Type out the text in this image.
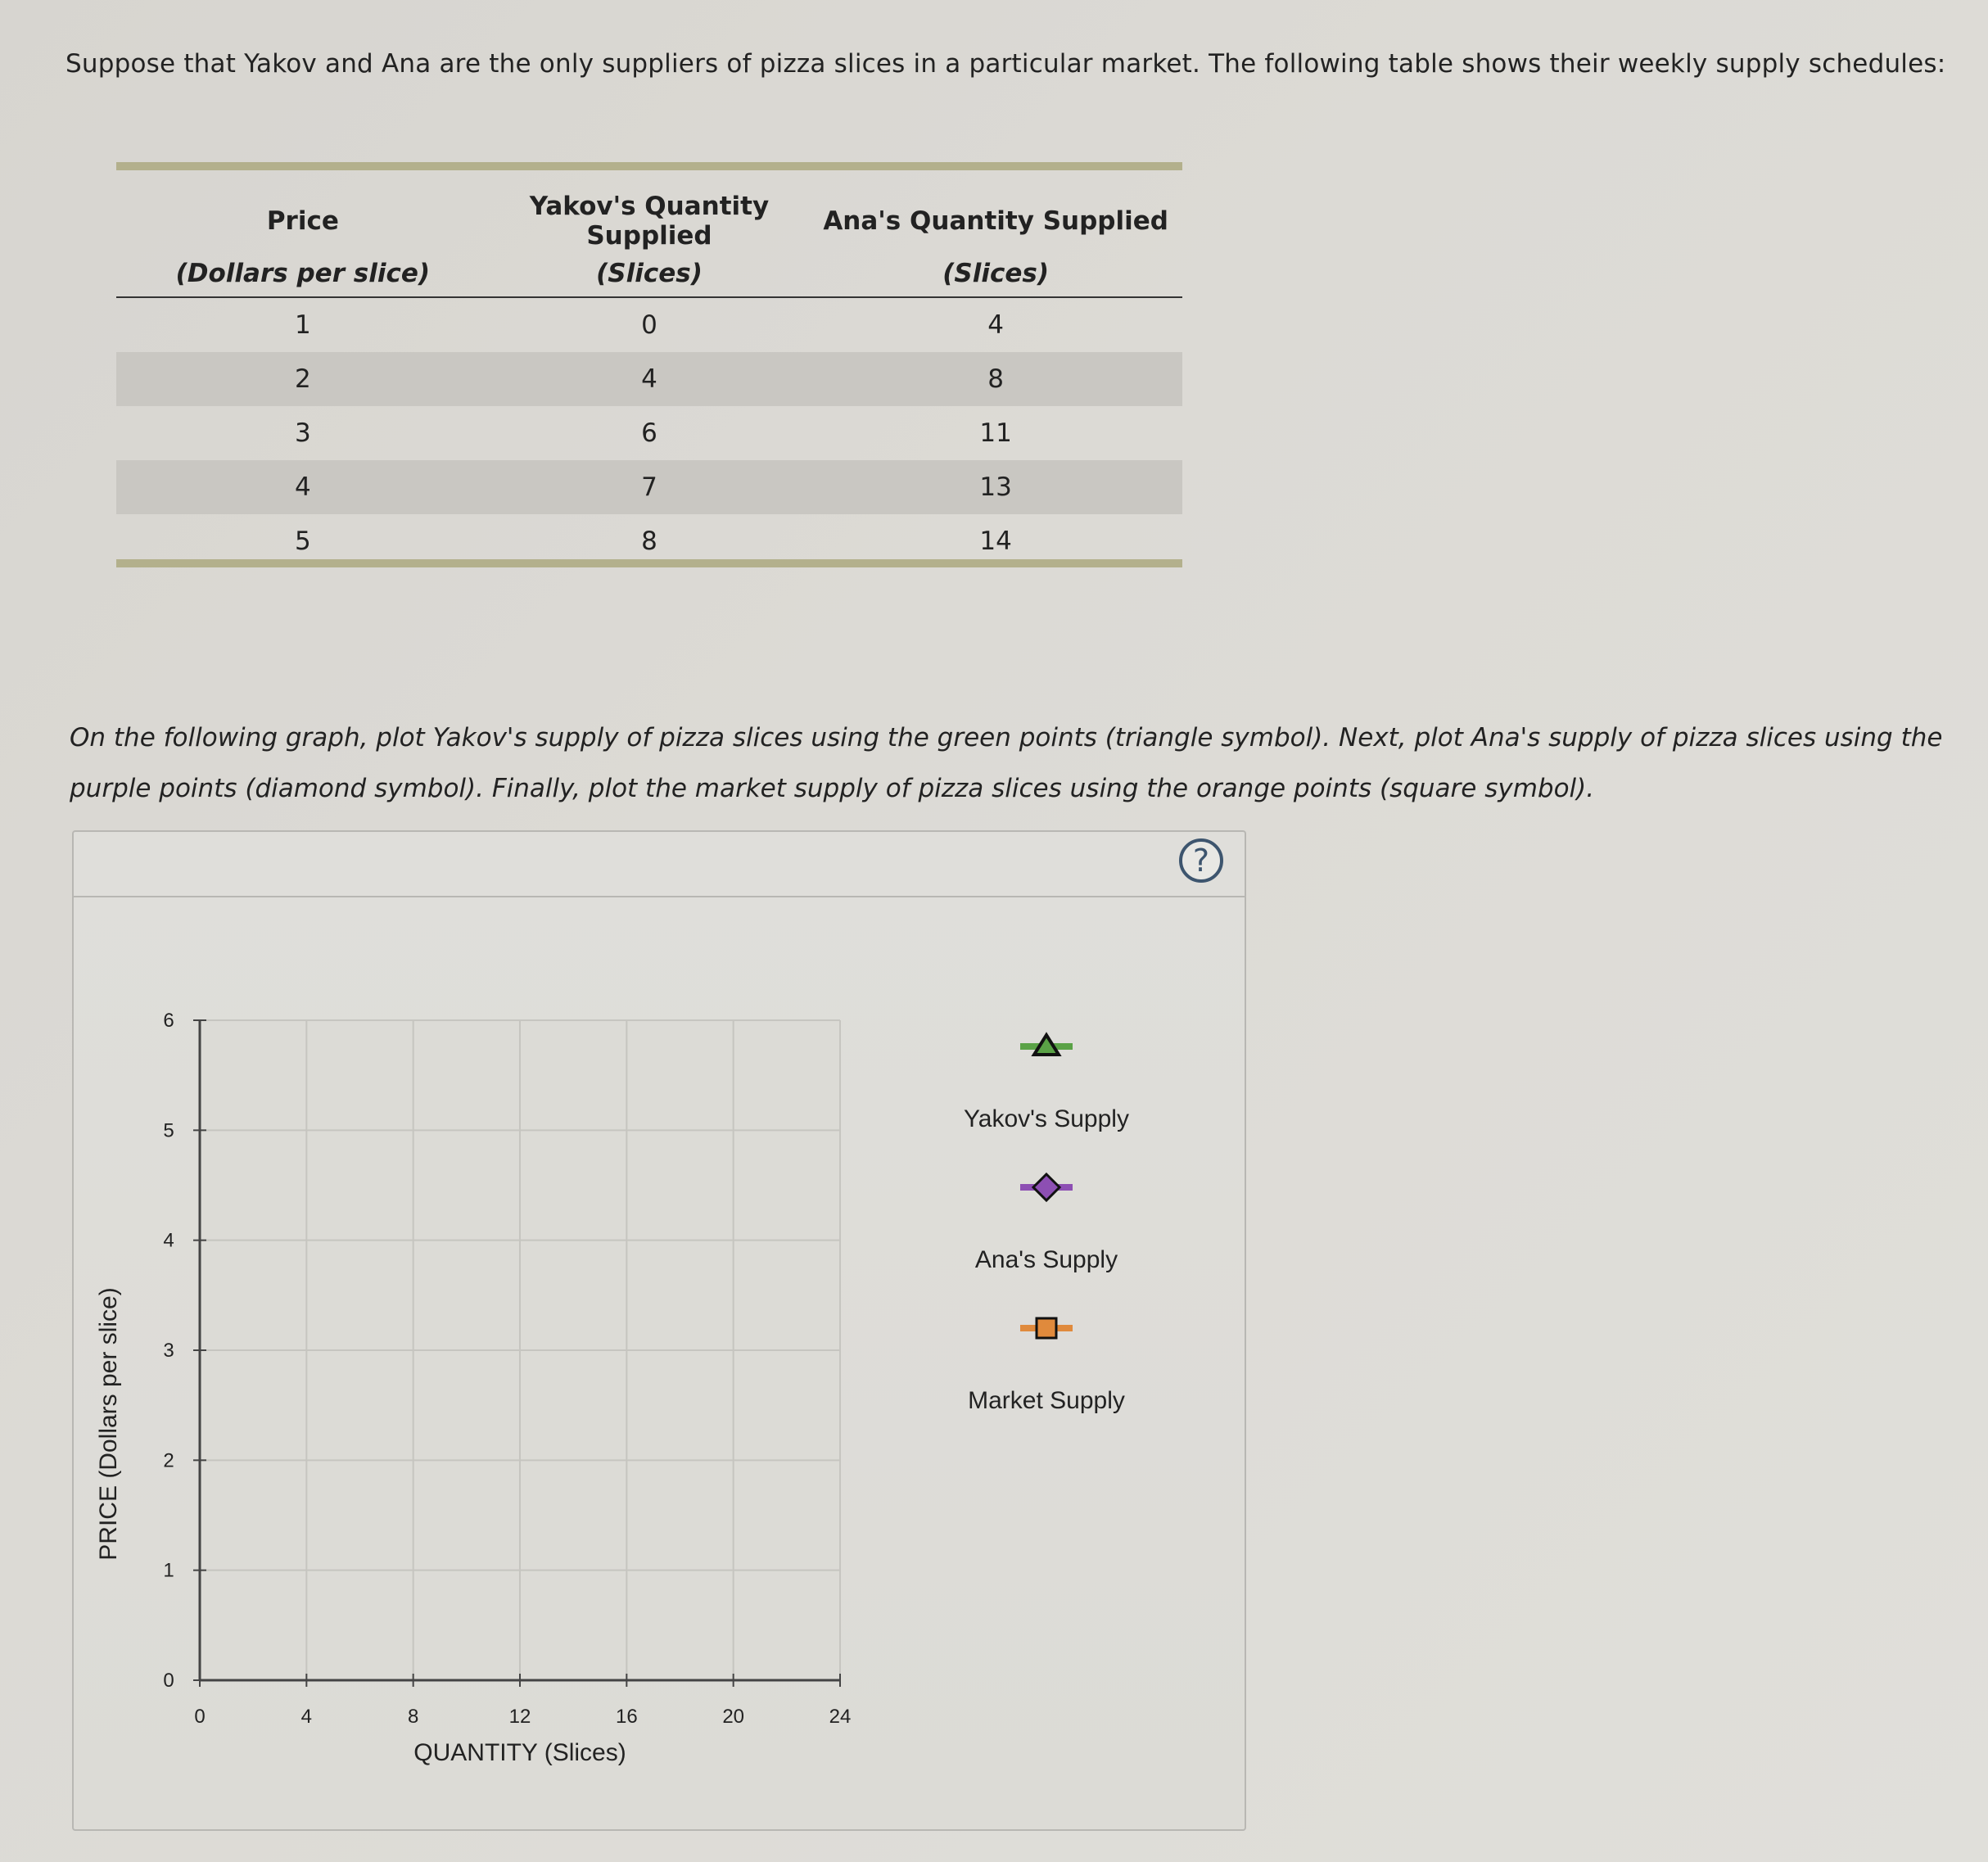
Suppose that Yakov and Ana are the only suppliers of pizza slices in a particular market. The following table shows their weekly supply schedules:

Price	Yakov's Quantity Supplied	Ana's Quantity Supplied
(Dollars per slice)	(Slices)	(Slices)
1	0	4
2	4	8
3	6	11
4	7	13
5	8	14
On the following graph, plot Yakov's supply of pizza slices using the green points (triangle symbol). Next, plot Ana's supply of pizza slices using the
purple points (diamond symbol). Finally, plot the market supply of pizza slices using the orange points (square symbol).
?
0
1
2
3
4
5
6
0	4	8	12	16	20	24
QUANTITY (Slices)
PRICE (Dollars per slice)
Yakov's Supply
Ana's Supply
Market Supply
